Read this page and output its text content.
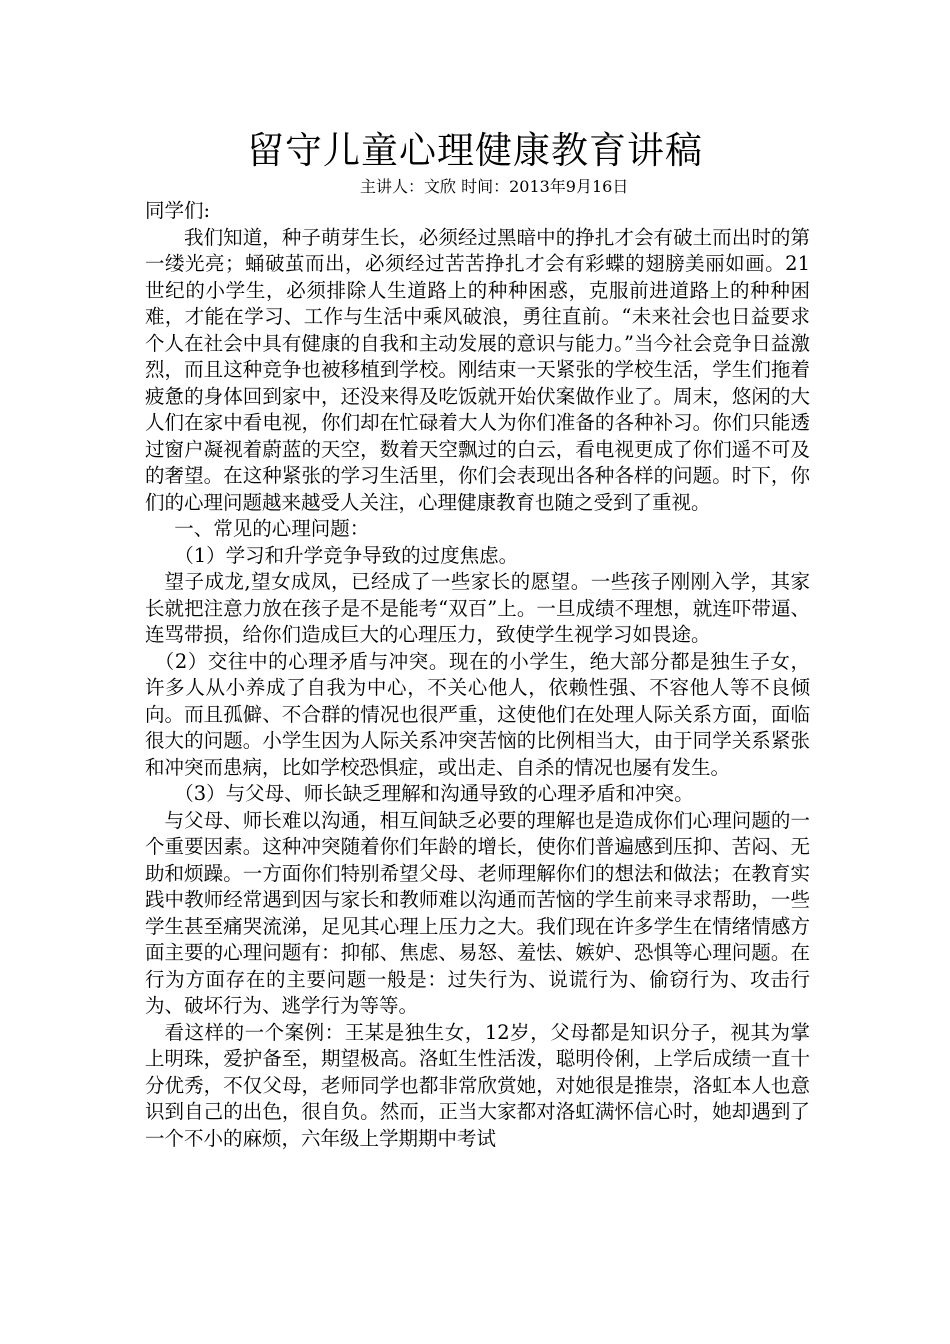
留守儿童心理健康教育讲稿
主讲人：文欣 时间：2013年9月16日

同学们:

我们知道，种子萌芽生长，必须经过黑暗中的挣扎才会有破土而出时的第一缕光亮；蛹破茧而出，必须经过苦苦挣扎才会有彩蝶的翅膀美丽如画。21世纪的小学生，必须排除人生道路上的种种困惑，克服前进道路上的种种困难，才能在学习、工作与生活中乘风破浪，勇往直前。“未来社会也日益要求个人在社会中具有健康的自我和主动发展的意识与能力。”当今社会竞争日益激烈，而且这种竞争也被移植到学校。刚结束一天紧张的学校生活，学生们拖着疲惫的身体回到家中，还没来得及吃饭就开始伏案做作业了。周末，悠闲的大人们在家中看电视，你们却在忙碌着大人为你们准备的各种补习。你们只能透过窗户凝视着蔚蓝的天空，数着天空飘过的白云，看电视更成了你们遥不可及的奢望。在这种紧张的学习生活里，你们会表现出各种各样的问题。时下，你们的心理问题越来越受人关注，心理健康教育也随之受到了重视。

一、常见的心理问题：

（1）学习和升学竞争导致的过度焦虑。

望子成龙,望女成凤，已经成了一些家长的愿望。一些孩子刚刚入学，其家长就把注意力放在孩子是不是能考“双百”上。一旦成绩不理想，就连吓带逼、连骂带损，给你们造成巨大的心理压力，致使学生视学习如畏途。

（2）交往中的心理矛盾与冲突。现在的小学生，绝大部分都是独生子女，许多人从小养成了自我为中心，不关心他人，依赖性强、不容他人等不良倾向。而且孤僻、不合群的情况也很严重，这使他们在处理人际关系方面，面临很大的问题。小学生因为人际关系冲突苦恼的比例相当大，由于同学关系紧张和冲突而患病，比如学校恐惧症，或出走、自杀的情况也屡有发生。

（3）与父母、师长缺乏理解和沟通导致的心理矛盾和冲突。

与父母、师长难以沟通，相互间缺乏必要的理解也是造成你们心理问题的一个重要因素。这种冲突随着你们年龄的增长，使你们普遍感到压抑、苦闷、无助和烦躁。一方面你们特别希望父母、老师理解你们的想法和做法；在教育实践中教师经常遇到因与家长和教师难以沟通而苦恼的学生前来寻求帮助，一些学生甚至痛哭流涕，足见其心理上压力之大。我们现在许多学生在情绪情感方面主要的心理问题有：抑郁、焦虑、易怒、羞怯、嫉妒、恐惧等心理问题。在行为方面存在的主要问题一般是：过失行为、说谎行为、偷窃行为、攻击行为、破坏行为、逃学行为等等。

看这样的一个案例：王某是独生女，12岁，父母都是知识分子，视其为掌上明珠，爱护备至，期望极高。洛虹生性活泼，聪明伶俐，上学后成绩一直十分优秀，不仅父母，老师同学也都非常欣赏她，对她很是推崇，洛虹本人也意识到自己的出色，很自负。然而，正当大家都对洛虹满怀信心时，她却遇到了一个不小的麻烦，六年级上学期期中考试
